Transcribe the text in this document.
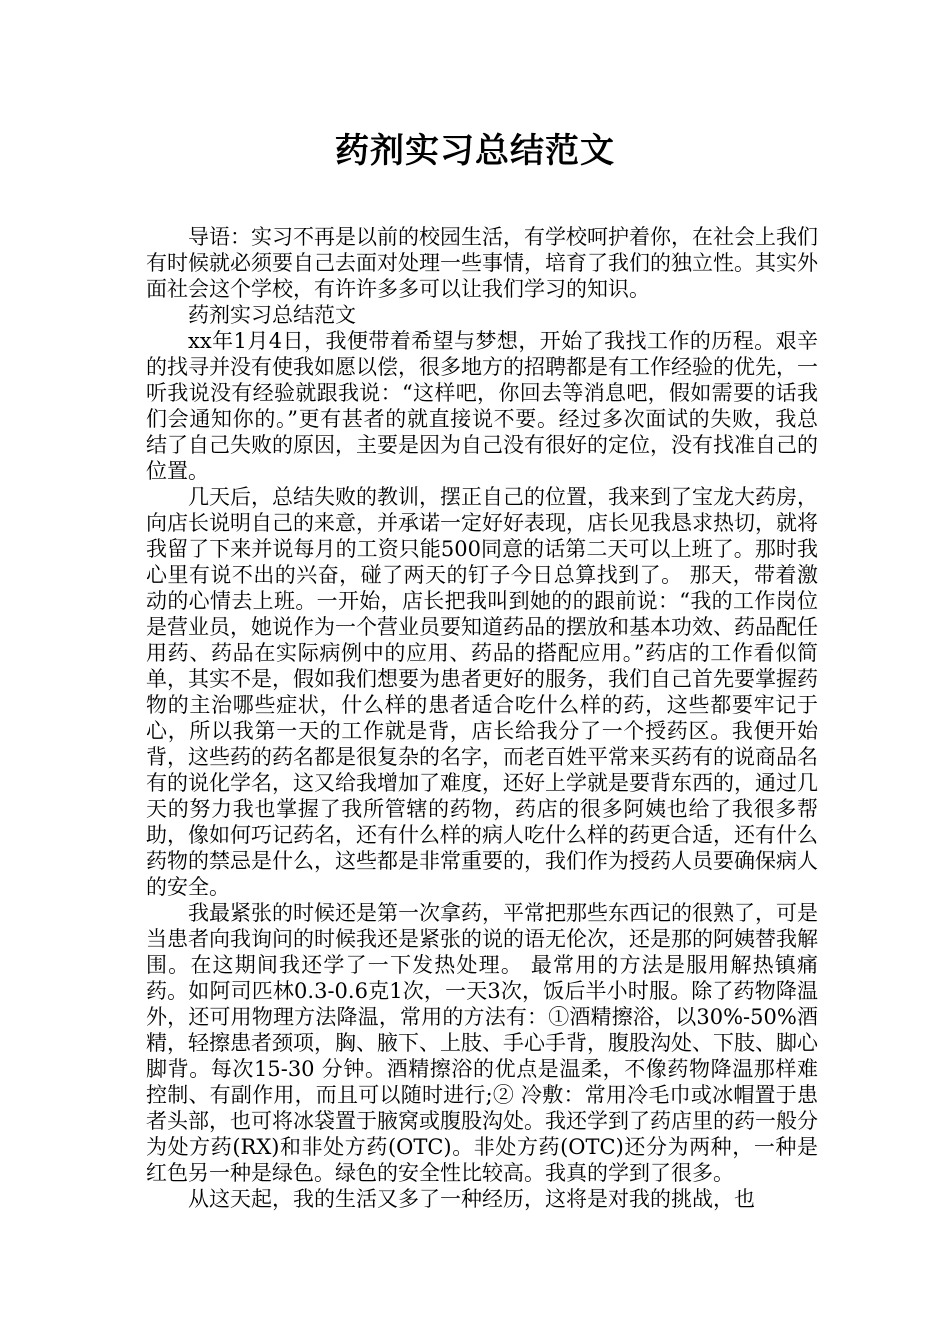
药剂实习总结范文

导语：实习不再是以前的校园生活，有学校呵护着你，在社会上我们有时候就必须要自己去面对处理一些事情，培育了我们的独立性。其实外面社会这个学校，有许许多多可以让我们学习的知识。

药剂实习总结范文

xx年1月4日，我便带着希望与梦想，开始了我找工作的历程。艰辛的找寻并没有使我如愿以偿，很多地方的招聘都是有工作经验的优先，一听我说没有经验就跟我说：“这样吧，你回去等消息吧，假如需要的话我们会通知你的。”更有甚者的就直接说不要。经过多次面试的失败，我总结了自己失败的原因，主要是因为自己没有很好的定位，没有找准自己的位置。

几天后，总结失败的教训，摆正自己的位置，我来到了宝龙大药房，向店长说明自己的来意，并承诺一定好好表现，店长见我恳求热切，就将我留了下来并说每月的工资只能500同意的话第二天可以上班了。那时我心里有说不出的兴奋，碰了两天的钉子今日总算找到了。 那天，带着激动的心情去上班。一开始，店长把我叫到她的的跟前说：“我的工作岗位是营业员，她说作为一个营业员要知道药品的摆放和基本功效、药品配任用药、药品在实际病例中的应用、药品的搭配应用。”药店的工作看似简单，其实不是，假如我们想要为患者更好的服务，我们自己首先要掌握药物的主治哪些症状，什么样的患者适合吃什么样的药，这些都要牢记于心，所以我第一天的工作就是背，店长给我分了一个授药区。我便开始背，这些药的药名都是很复杂的名字，而老百姓平常来买药有的说商品名有的说化学名，这又给我增加了难度，还好上学就是要背东西的，通过几天的努力我也掌握了我所管辖的药物，药店的很多阿姨也给了我很多帮助，像如何巧记药名，还有什么样的病人吃什么样的药更合适，还有什么药物的禁忌是什么，这些都是非常重要的，我们作为授药人员要确保病人的安全。

我最紧张的时候还是第一次拿药，平常把那些东西记的很熟了，可是当患者向我询问的时候我还是紧张的说的语无伦次，还是那的阿姨替我解围。在这期间我还学了一下发热处理。 最常用的方法是服用解热镇痛药。如阿司匹林0.3-0.6克1次，一天3次，饭后半小时服。除了药物降温外，还可用物理方法降温，常用的方法有：①酒精擦浴，以30%-50%酒精，轻擦患者颈项，胸、腋下、上肢、手心手背，腹股沟处、下肢、脚心脚背。每次15-30 分钟。酒精擦浴的优点是温柔，不像药物降温那样难控制、有副作用，而且可以随时进行;② 冷敷：常用冷毛巾或冰帽置于患者头部，也可将冰袋置于腋窝或腹股沟处。我还学到了药店里的药一般分为处方药(RX)和非处方药(OTC)。非处方药(OTC)还分为两种，一种是红色另一种是绿色。绿色的安全性比较高。我真的学到了很多。

从这天起，我的生活又多了一种经历，这将是对我的挑战，也
